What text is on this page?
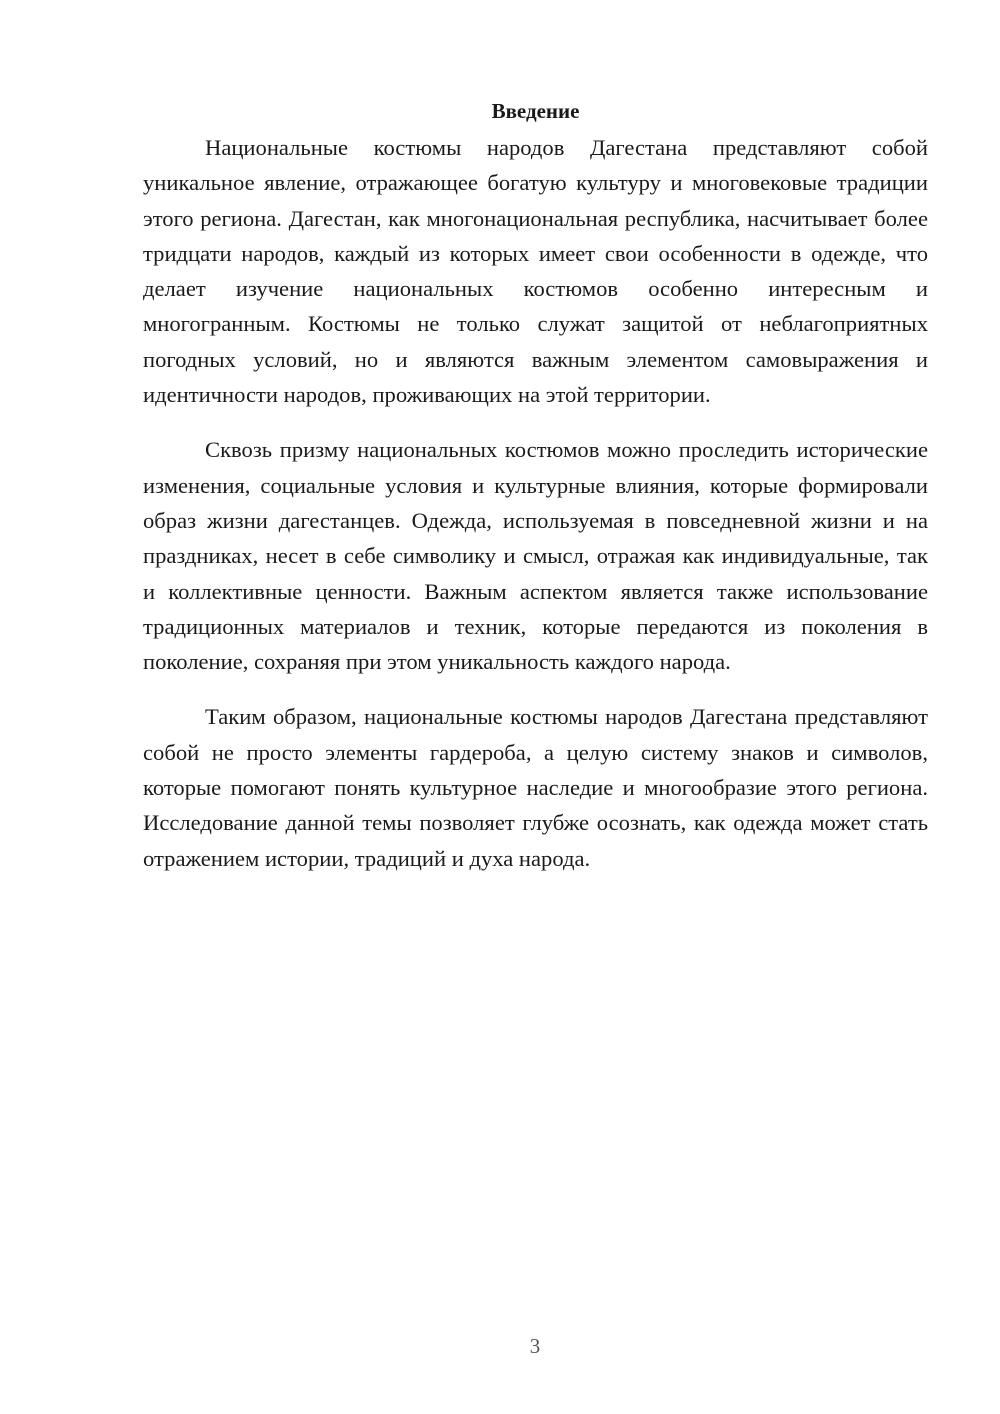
Введение

Национальные костюмы народов Дагестана представляют собой уникальное явление, отражающее богатую культуру и многовековые традиции этого региона. Дагестан, как многонациональная республика, насчитывает более тридцати народов, каждый из которых имеет свои особенности в одежде, что делает изучение национальных костюмов особенно интересным и многогранным. Костюмы не только служат защитой от неблагоприятных погодных условий, но и являются важным элементом самовыражения и идентичности народов, проживающих на этой территории.

Сквозь призму национальных костюмов можно проследить исторические изменения, социальные условия и культурные влияния, которые формировали образ жизни дагестанцев. Одежда, используемая в повседневной жизни и на праздниках, несет в себе символику и смысл, отражая как индивидуальные, так и коллективные ценности. Важным аспектом является также использование традиционных материалов и техник, которые передаются из поколения в поколение, сохраняя при этом уникальность каждого народа.

Таким образом, национальные костюмы народов Дагестана представляют собой не просто элементы гардероба, а целую систему знаков и символов, которые помогают понять культурное наследие и многообразие этого региона. Исследование данной темы позволяет глубже осознать, как одежда может стать отражением истории, традиций и духа народа.

3
